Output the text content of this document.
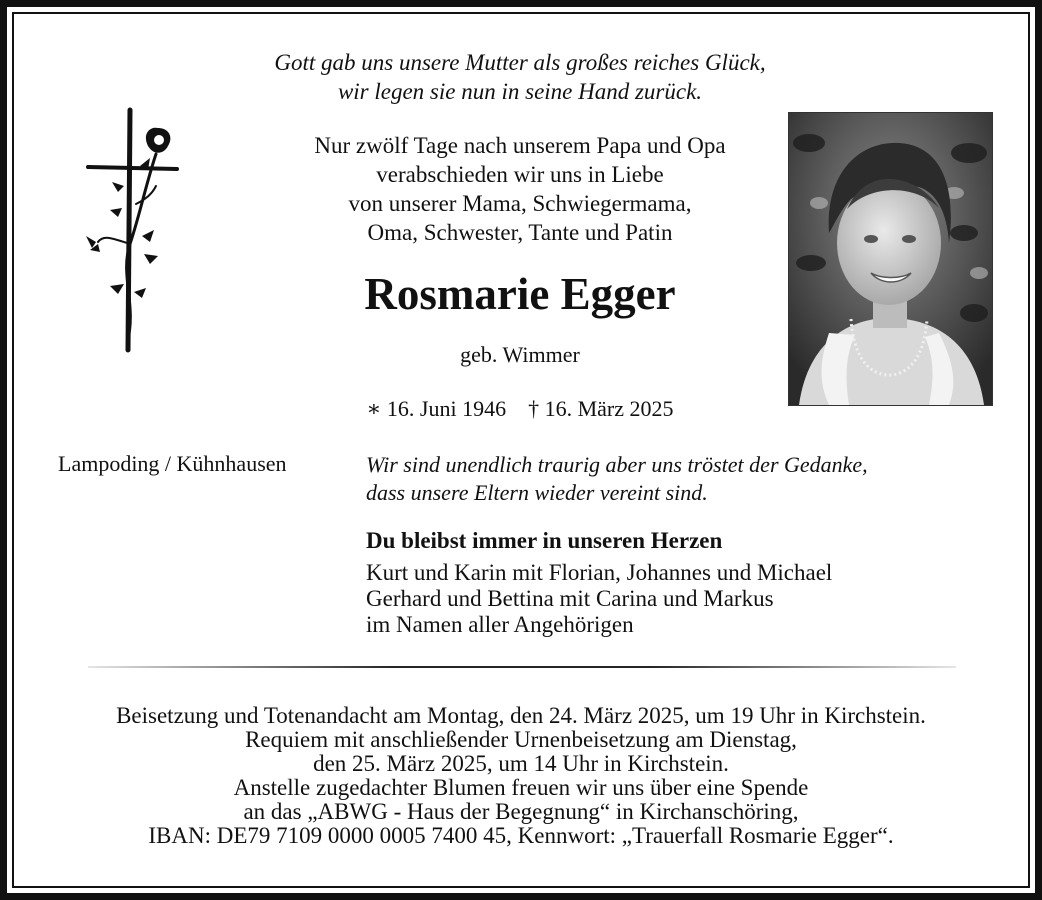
Gott gab uns unsere Mutter als großes reiches Glück,
wir legen sie nun in seine Hand zurück.
Nur zwölf Tage nach unserem Papa und Opa
verabschieden wir uns in Liebe
von unserer Mama, Schwiegermama,
Oma, Schwester, Tante und Patin
Rosmarie Egger
geb. Wimmer
∗ 16. Juni 1946 † 16. März 2025
Lampoding / Kühnhausen	Wir sind unendlich traurig aber uns tröstet der Gedanke,
dass unsere Eltern wieder vereint sind.
Du bleibst immer in unseren Herzen
Kurt und Karin mit Florian, Johannes und Michael
Gerhard und Bettina mit Carina und Markus
im Namen aller Angehörigen
Beisetzung und Totenandacht am Montag, den 24. März 2025, um 19 Uhr in Kirchstein.
Requiem mit anschließender Urnenbeisetzung am Dienstag,
den 25. März 2025, um 14 Uhr in Kirchstein.
Anstelle zugedachter Blumen freuen wir uns über eine Spende
an das „ABWG - Haus der Begegnung“ in Kirchanschöring,
IBAN: DE79 7109 0000 0005 7400 45, Kennwort: „Trauerfall Rosmarie Egger“.
